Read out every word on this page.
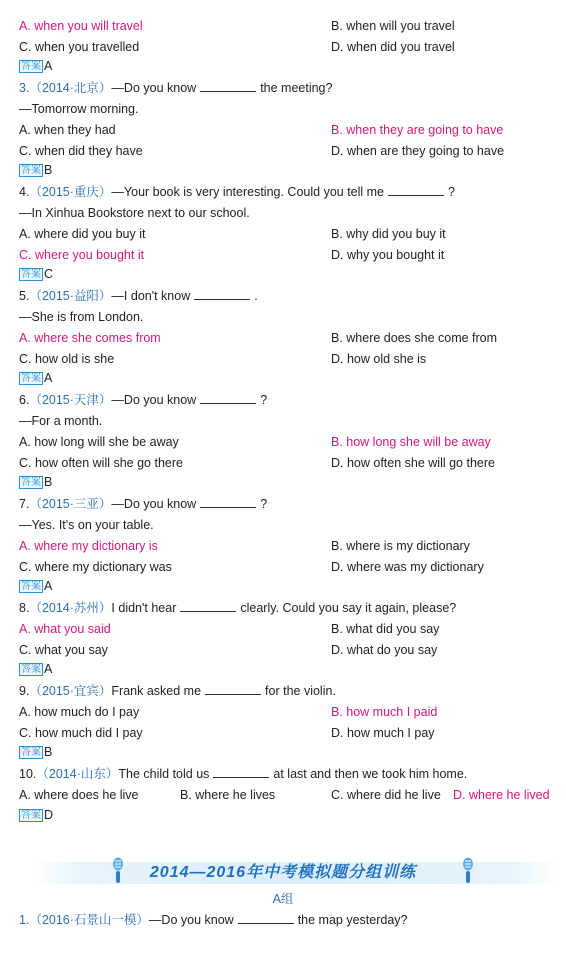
A. when you will travel	B. when will you travel
C. when you travelled	D. when did you travel
答案 A
3.（2014·北京）—Do you know	the meeting?
—Tomorrow morning.
A. when they had	B. when they are going to have
C. when did they have	D. when are they going to have
答案 B
4.（2015·重庆）—Your book is very interesting. Could you tell me	?
—In Xinhua Bookstore next to our school.
A. where did you buy it	B. why did you buy it
C. where you bought it	D. why you bought it
答案 C
5.（2015·益阳）—I don't know	.
—She is from London.
A. where she comes from	B. where does she come from
C. how old is she	D. how old she is
答案 A
6.（2015·天津）—Do you know	?
—For a month.
A. how long will she be away	B. how long she will be away
C. how often will she go there	D. how often she will go there
答案 B
7.（2015·三亚）—Do you know	?
—Yes. It's on your table.
A. where my dictionary is	B. where is my dictionary
C. where my dictionary was	D. where was my dictionary
答案 A
8.（2014·苏州）I didn't hear	clearly. Could you say it again, please?
A. what you said	B. what did you say
C. what you say	D. what do you say
答案 A
9.（2015·宜宾）Frank asked me	for the violin.
A. how much do I pay	B. how much I paid
C. how much did I pay	D. how much I pay
答案 B
10.（2014·山东）The child told us	at last and then we took him home.
A. where does he live	B. where he lives	C. where did he live D. where he lived
答案 D
2014—2016年中考模拟题分组训练
A组
1.（2016·石景山一模）—Do you know	the map yesterday?
